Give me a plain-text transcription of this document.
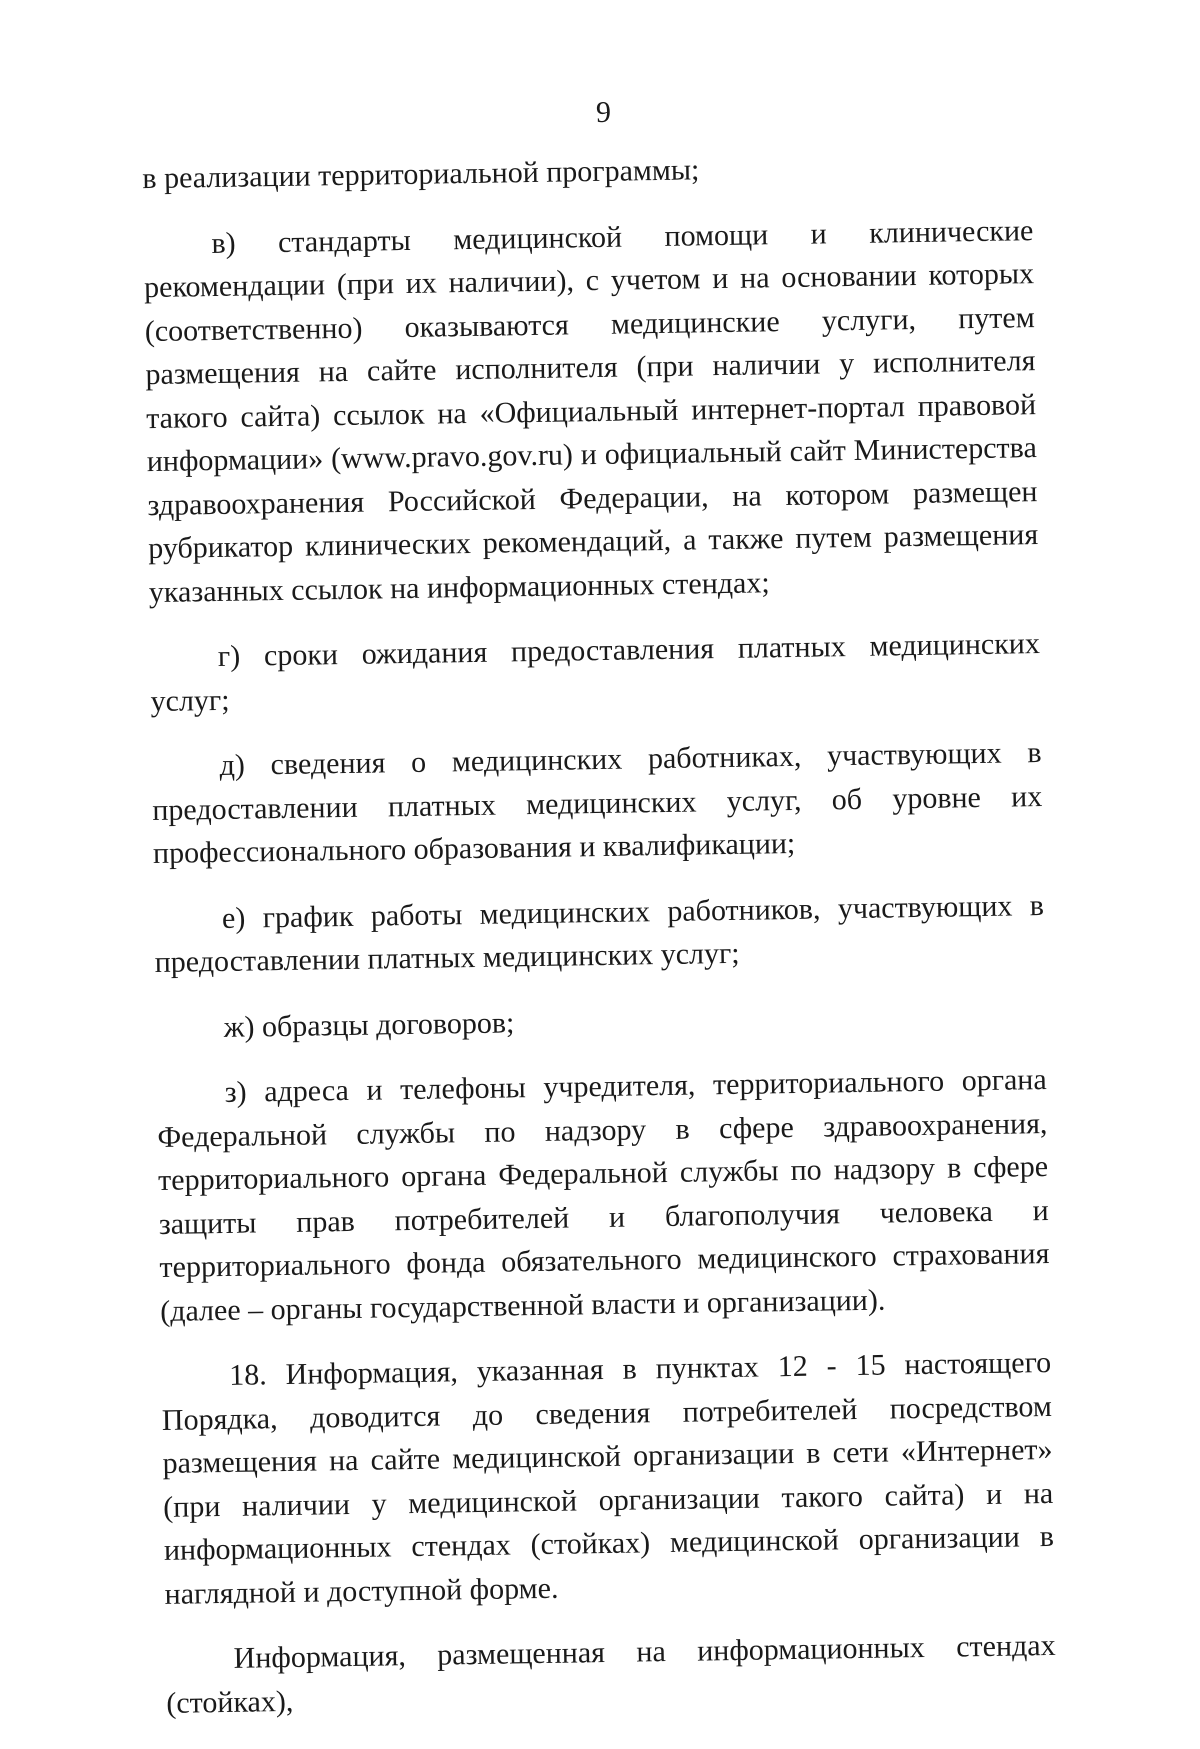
9

в реализации территориальной программы;

в) стандарты медицинской помощи и клинические рекомендации (при их наличии), с учетом и на основании которых (соответственно) оказываются медицинские услуги, путем размещения на сайте исполнителя (при наличии у исполнителя такого сайта) ссылок на «Официальный интернет-портал правовой информации» (www.pravo.gov.ru) и официальный сайт Министерства здравоохранения Российской Федерации, на котором размещен рубрикатор клинических рекомендаций, а также путем размещения указанных ссылок на информационных стендах;

г) сроки ожидания предоставления платных медицинских услуг;

д) сведения о медицинских работниках, участвующих в предоставлении платных медицинских услуг, об уровне их профессионального образования и квалификации;

е) график работы медицинских работников, участвующих в предоставлении платных медицинских услуг;

ж) образцы договоров;

з) адреса и телефоны учредителя, территориального органа Федеральной службы по надзору в сфере здравоохранения, территориального органа Федеральной службы по надзору в сфере защиты прав потребителей и благополучия человека и территориального фонда обязательного медицинского страхования (далее – органы государственной власти и организации).

18. Информация, указанная в пунктах 12 - 15 настоящего Порядка, доводится до сведения потребителей посредством размещения на сайте медицинской организации в сети «Интернет» (при наличии у медицинской организации такого сайта) и на информационных стендах (стойках) медицинской организации в наглядной и доступной форме.

Информация, размещенная на информационных стендах (стойках),
